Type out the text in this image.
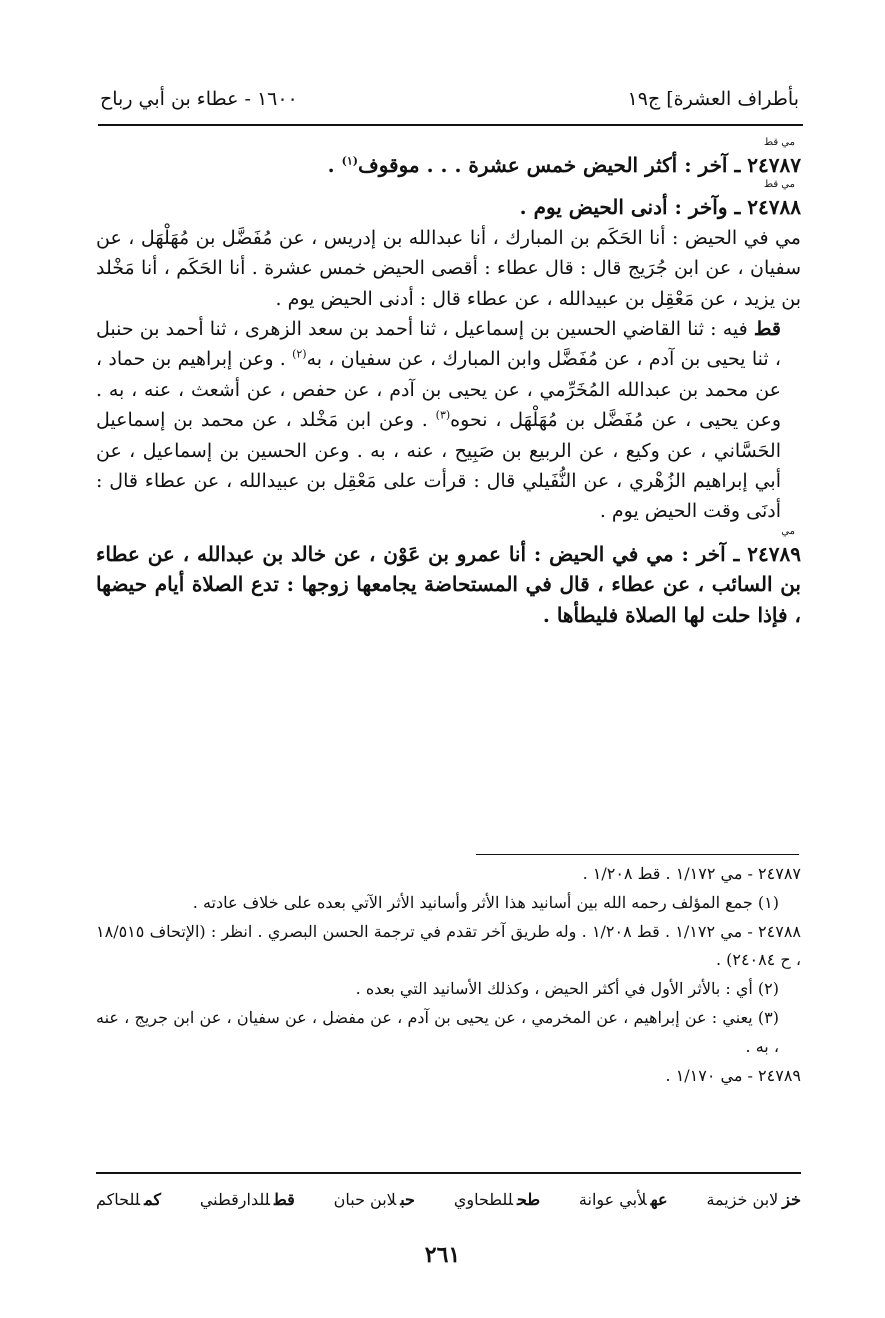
بأطراف العشرة] ج١٩
١٦٠٠ - عطاء بن أبي رباح
مي قط

٢٤٧٨٧ ـ آخر : أكثر الحيض خمس عشرة . . . موقوف$^{(١)}$ .

مي قط

٢٤٧٨٨ ـ وآخر : أدنى الحيض يوم .

مي في الحيض : أنا الحَكَم بن المبارك ، أنا عبدالله بن إدريس ، عن مُفَضَّل بن مُهَلْهَل ، عن سفيان ، عن ابن جُرَيج قال : قال عطاء : أقصى الحيض خمس عشرة . أنا الحَكَم ، أنا مَخْلد بن يزيد ، عن مَعْقِل بن عبيدالله ، عن عطاء قال : أدنى الحيض يوم .

قط فيه : ثنا القاضي الحسين بن إسماعيل ، ثنا أحمد بن سعد الزهرى ، ثنا أحمد بن حنبل ، ثنا يحيى بن آدم ، عن مُفَضَّل وابن المبارك ، عن سفيان ، به$^{(٢)}$ . وعن إبراهيم بن حماد ، عن محمد بن عبدالله المُخَرِّمي ، عن يحيى بن آدم ، عن حفص ، عن أشعث ، عنه ، به . وعن يحيى ، عن مُفَضَّل بن مُهَلْهَل ، نحوه$^{(٣)}$ . وعن ابن مَخْلد ، عن محمد بن إسماعيل الحَسَّاني ، عن وكيع ، عن الربيع بن صَبِيح ، عنه ، به . وعن الحسين بن إسماعيل ، عن أبي إبراهيم الزُهْري ، عن النُّفَيلي قال : قرأت على مَعْقِل بن عبيدالله ، عن عطاء قال : أدنَى وقت الحيض يوم .

مي

٢٤٧٨٩ ـ آخر : مي في الحيض : أنا عمرو بن عَوْن ، عن خالد بن عبدالله ، عن عطاء بن السائب ، عن عطاء ، قال في المستحاضة يجامعها زوجها : تدع الصلاة أيام حيضها ، فإذا حلت لها الصلاة فليطأها .

٢٤٧٨٧ - مي ١/١٧٢ . قط ١/٢٠٨ .

(١) جمع المؤلف رحمه الله بين أسانيد هذا الأثر وأسانيد الأثر الآتي بعده على خلاف عادته .

٢٤٧٨٨ - مي ١/١٧٢ . قط ١/٢٠٨ . وله طريق آخر تقدم في ترجمة الحسن البصري . انظر : (الإتحاف ١٨/٥١٥ ، ح ٢٤٠٨٤) .

(٢) أي : بالأثر الأول في أكثر الحيض ، وكذلك الأسانيد التي بعده .

(٣) يعني : عن إبراهيم ، عن المخرمي ، عن يحيى بن آدم ، عن مفضل ، عن سفيان ، عن ابن جريج ، عنه ، به .

٢٤٧٨٩ - مي ١/١٧٠ .

خزلابن خزيمة
عهلأبي عوانة
طحللطحاوي
حبلابن حبان
قطللدارقطني
كمللحاكم
٢٦١
